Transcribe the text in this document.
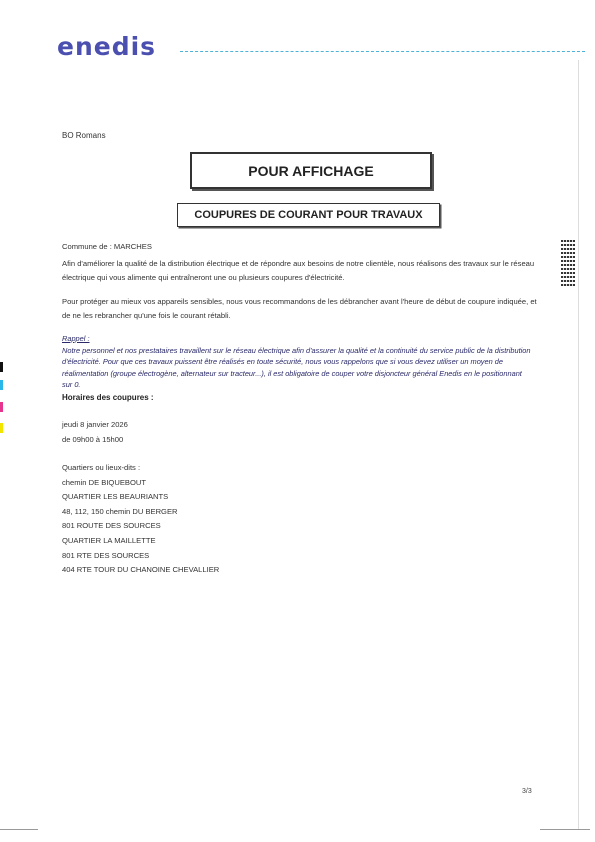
enedis
BO Romans
POUR AFFICHAGE
COUPURES DE COURANT POUR TRAVAUX
Commune de : MARCHES
Afin d'améliorer la qualité de la distribution électrique et de répondre aux besoins de notre clientèle, nous réalisons des travaux sur le réseau électrique qui vous alimente qui entraîneront une ou plusieurs coupures d'électricité.
Pour protéger au mieux vos appareils sensibles, nous vous recommandons de les débrancher avant l'heure de début de coupure indiquée, et de ne les rebrancher qu'une fois le courant rétabli.
Rappel :
Notre personnel et nos prestataires travaillent sur le réseau électrique afin d'assurer la qualité et la continuité du service public de la distribution d'électricité. Pour que ces travaux puissent être réalisés en toute sécurité, nous vous rappelons que si vous devez utiliser un moyen de réalimentation (groupe électrogène, alternateur sur tracteur...), il est obligatoire de couper votre disjoncteur général Enedis en le positionnant sur 0.
Horaires des coupures :
jeudi 8 janvier 2026
de 09h00 à 15h00
Quartiers ou lieux-dits :
chemin DE BIQUEBOUT
QUARTIER LES BEAURIANTS
48, 112, 150 chemin DU BERGER
801 ROUTE DES SOURCES
QUARTIER LA MAILLETTE
801 RTE DES SOURCES
404 RTE TOUR DU CHANOINE CHEVALLIER
3/3
